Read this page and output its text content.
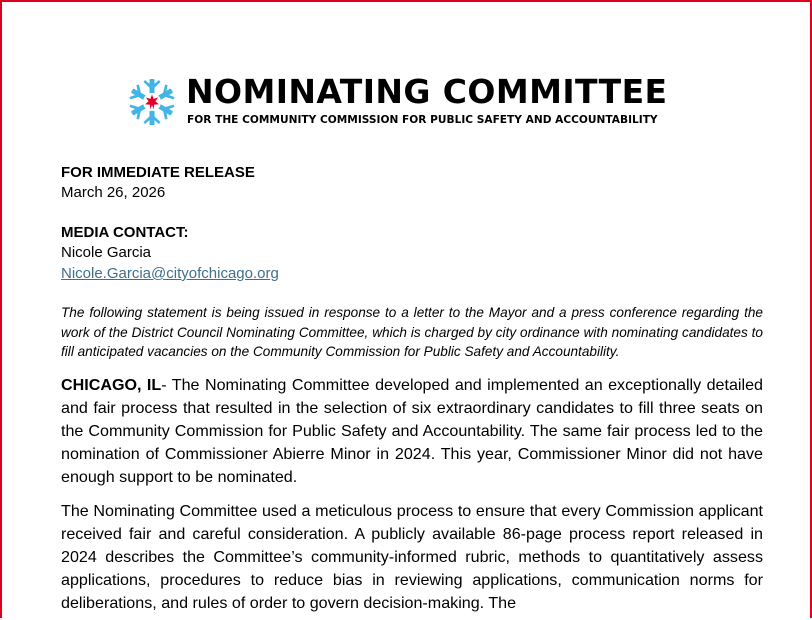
NOMINATING COMMITTEE
FOR THE COMMUNITY COMMISSION FOR PUBLIC SAFETY AND ACCOUNTABILITY
FOR IMMEDIATE RELEASE
March 26, 2026
MEDIA CONTACT:
Nicole Garcia
Nicole.Garcia@cityofchicago.org
The following statement is being issued in response to a letter to the Mayor and a press conference regarding the work of the District Council Nominating Committee, which is charged by city ordinance with nominating candidates to fill anticipated vacancies on the Community Commission for Public Safety and Accountability.
CHICAGO, IL- The Nominating Committee developed and implemented an exceptionally detailed and fair process that resulted in the selection of six extraordinary candidates to fill three seats on the Community Commission for Public Safety and Accountability. The same fair process led to the nomination of Commissioner Abierre Minor in 2024. This year, Commissioner Minor did not have enough support to be nominated.
The Nominating Committee used a meticulous process to ensure that every Commission applicant received fair and careful consideration. A publicly available 86-page process report released in 2024 describes the Committee’s community-informed rubric, methods to quantitatively assess applications, procedures to reduce bias in reviewing applications, communication norms for deliberations, and rules of order to govern decision-making. The
